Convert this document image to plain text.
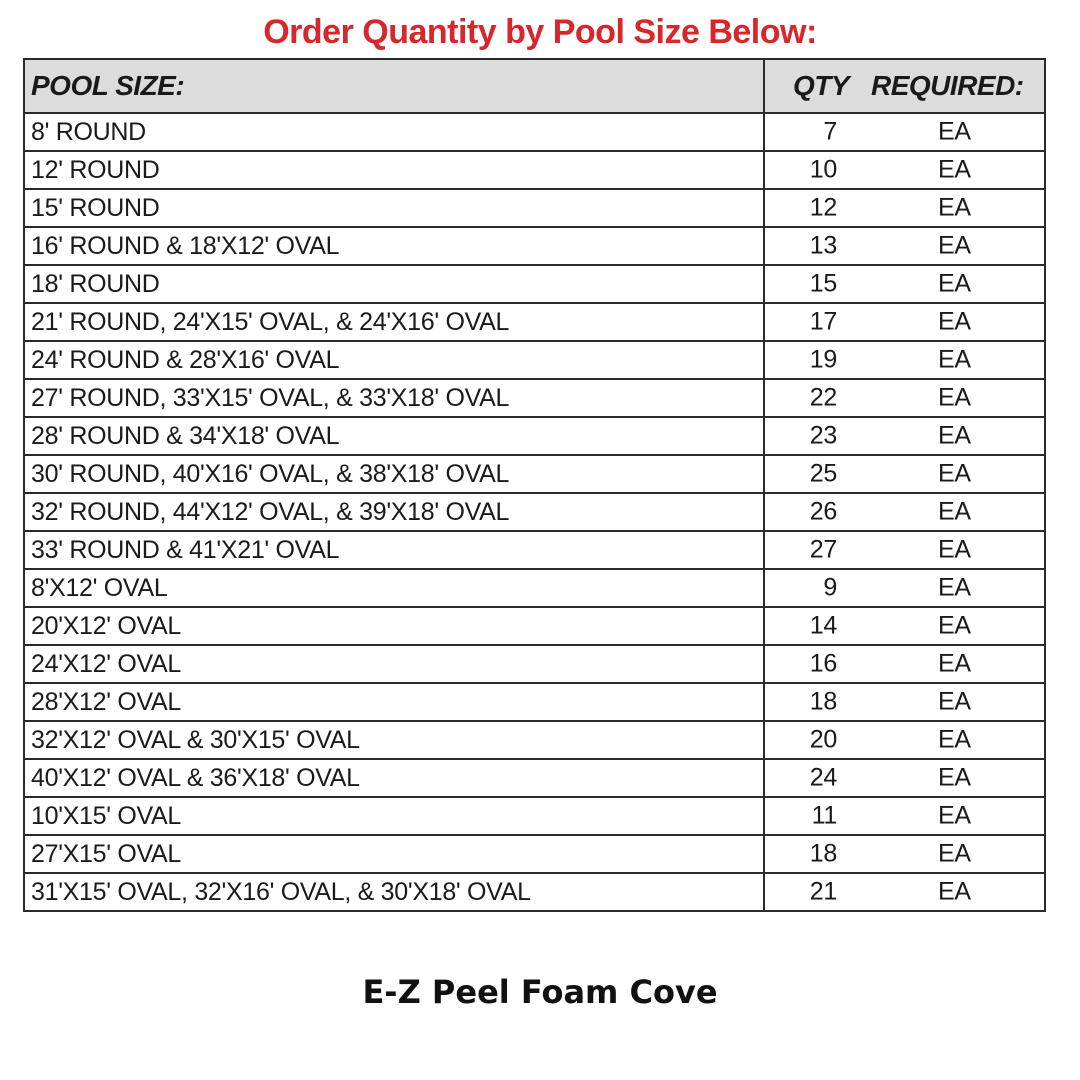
Order Quantity by Pool Size Below:
POOL SIZE:	QTY REQUIRED:
8' ROUND	7 EA

12' ROUND	10 EA

15' ROUND	12 EA

16' ROUND & 18'X12' OVAL	13 EA

18' ROUND	15 EA

21' ROUND, 24'X15' OVAL, & 24'X16' OVAL	17 EA

24' ROUND & 28'X16' OVAL	19 EA

27' ROUND, 33'X15' OVAL, & 33'X18' OVAL	22 EA

28' ROUND & 34'X18' OVAL	23 EA

30' ROUND, 40'X16' OVAL, & 38'X18' OVAL	25 EA

32' ROUND, 44'X12' OVAL, & 39'X18' OVAL	26 EA

33' ROUND & 41'X21' OVAL	27 EA

8'X12' OVAL	9 EA

20'X12' OVAL	14 EA

24'X12' OVAL	16 EA

28'X12' OVAL	18 EA

32'X12' OVAL & 30'X15' OVAL	20 EA

40'X12' OVAL & 36'X18' OVAL	24 EA

10'X15' OVAL	11 EA

27'X15' OVAL	18 EA

31'X15' OVAL, 32'X16' OVAL, & 30'X18' OVAL	21 EA
E-Z Peel Foam Cove
